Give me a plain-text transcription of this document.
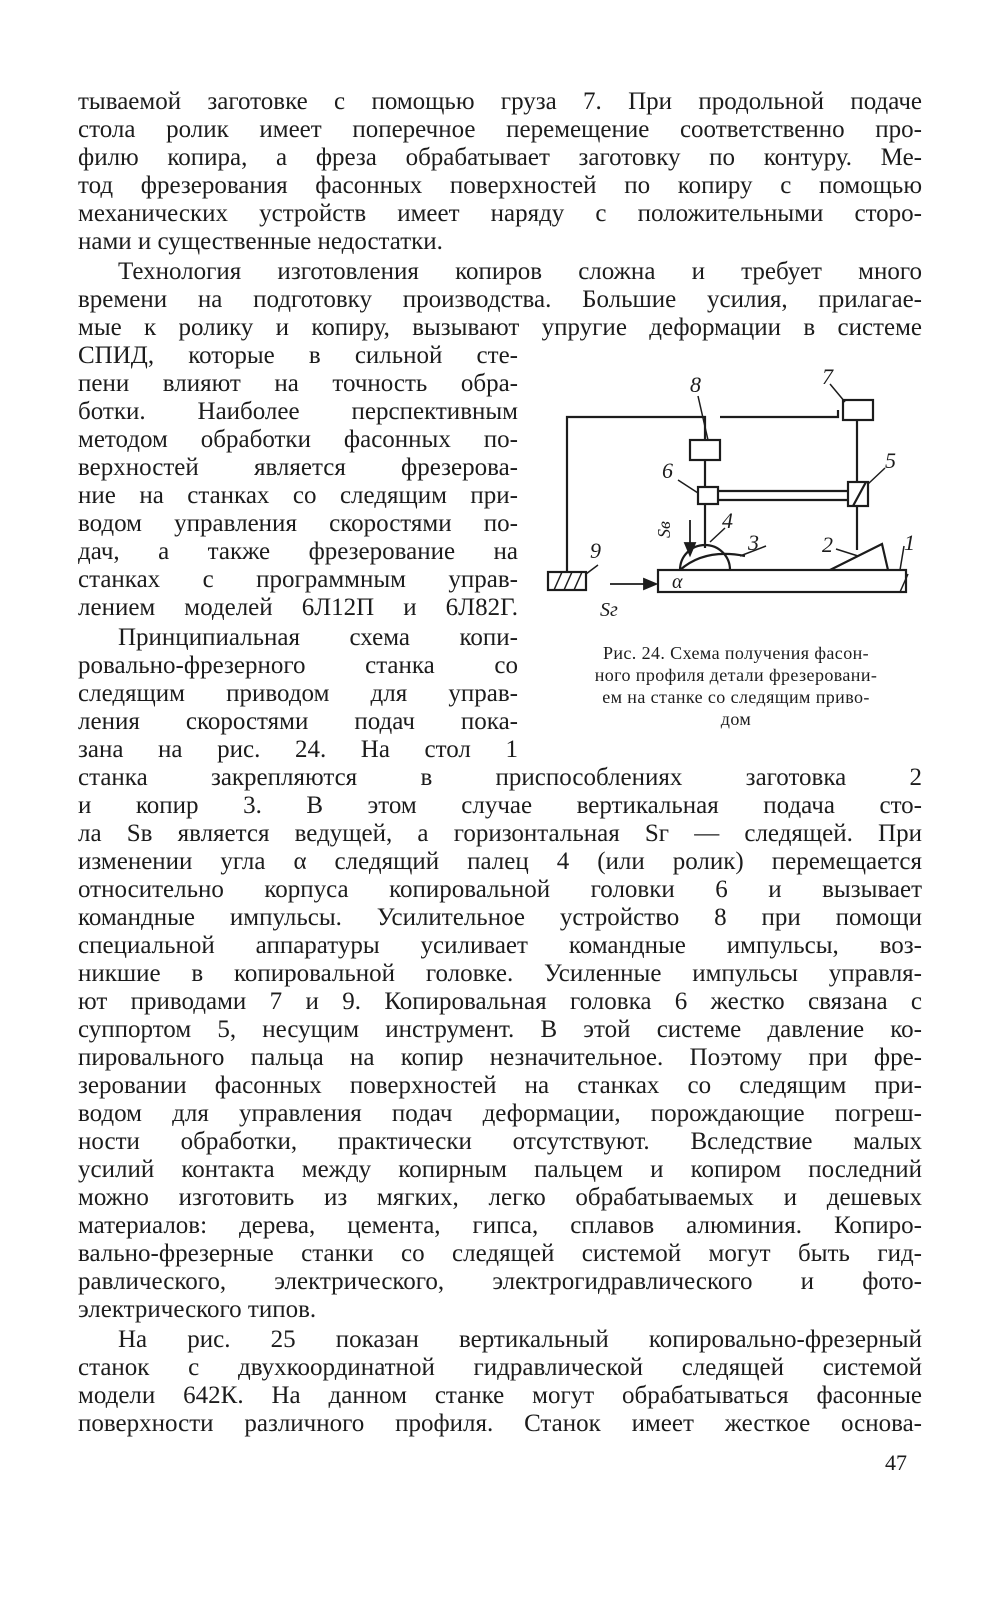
тываемой заготовке с помощью груза 7. При продольной подаче
стола ролик имеет поперечное перемещение соответственно про-
филю копира, а фреза обрабатывает заготовку по контуру. Ме-
тод фрезерования фасонных поверхностей по копиру с помощью
механических устройств имеет наряду с положительными сторо-
нами и существенные недостатки.
Технология изготовления копиров сложна и требует много
времени на подготовку производства. Большие усилия, прилагае-
мые к ролику и копиру, вызывают упругие деформации в системе
СПИД, которые в сильной сте-
пени влияют на точность обра-
ботки. Наиболее перспективным
методом обработки фасонных по-
верхностей является фрезерова-
ние на станках со следящим при-
водом управления скоростями по-
дач, а также фрезерование на
станках с программным управ-
лением моделей 6Л12П и 6Л82Г.
Принципиальная схема копи-
ровально-фрезерного станка со
следящим приводом для управ-
ления скоростями подач пока-
зана на рис. 24. На стол 1
станка закрепляются в приспособлениях заготовка 2
и копир 3. В этом случае вертикальная подача сто-
ла Sв является ведущей, а горизонтальная Sг — следящей. При
изменении угла α следящий палец 4 (или ролик) перемещается
относительно корпуса копировальной головки 6 и вызывает
командные импульсы. Усилительное устройство 8 при помощи
специальной аппаратуры усиливает командные импульсы, воз-
никшие в копировальной головке. Усиленные импульсы управля-
ют приводами 7 и 9. Копировальная головка 6 жестко связана с
суппортом 5, несущим инструмент. В этой системе давление ко-
пировального пальца на копир незначительное. Поэтому при фре-
зеровании фасонных поверхностей на станках со следящим при-
водом для управления подач деформации, порождающие погреш-
ности обработки, практически отсутствуют. Вследствие малых
усилий контакта между копирным пальцем и копиром последний
можно изготовить из мягких, легко обрабатываемых и дешевых
материалов: дерева, цемента, гипса, сплавов алюминия. Копиро-
вально-фрезерные станки со следящей системой могут быть гид-
равлического, электрического, электрогидравлического и фото-
электрического типов.
На рис. 25 показан вертикальный копировально-фрезерный
станок с двухкоординатной гидравлической следящей системой
модели 642К. На данном станке могут обрабатываться фасонные
поверхности различного профиля. Станок имеет жесткое основа-
8	7
6	5
4
3	2	1
9
α
Sг
Sв
Рис. 24. Схема получения фасон-
ного профиля детали фрезеровани-
ем на станке со следящим приво-
дом
47
